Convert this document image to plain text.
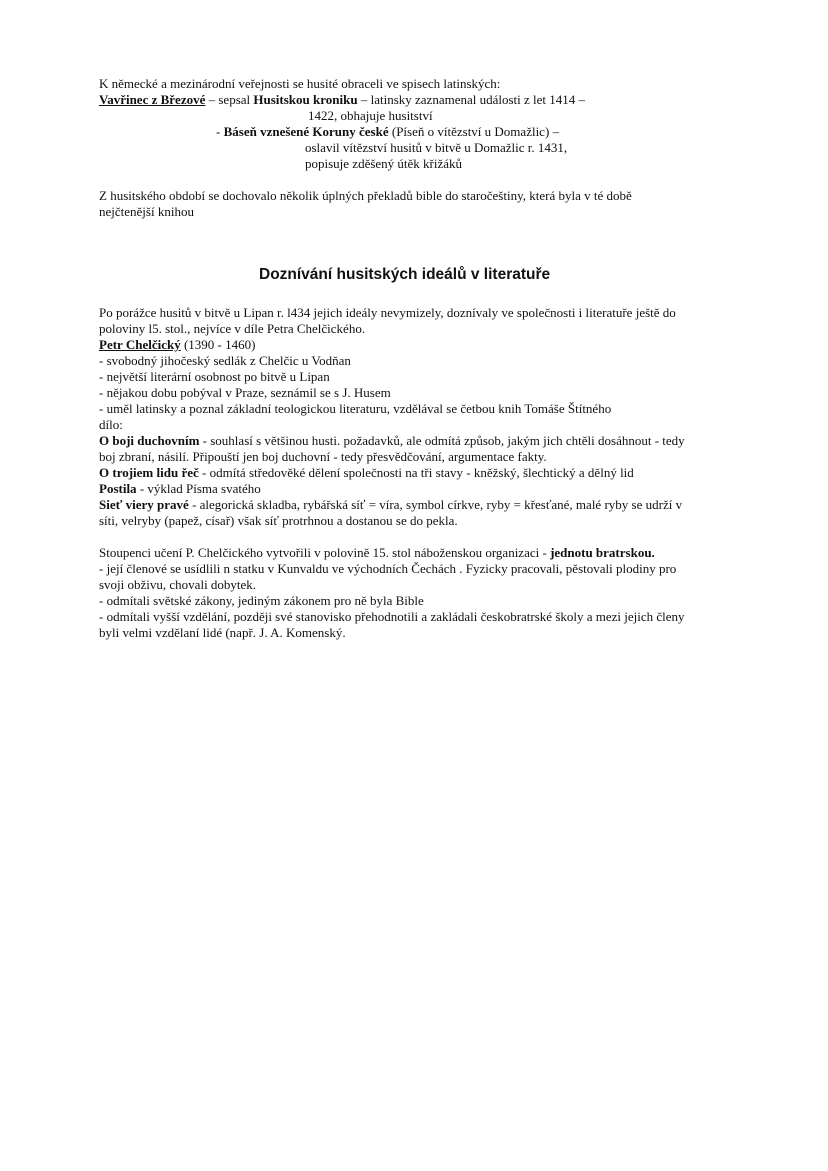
K německé a mezinárodní veřejnosti se husité obraceli ve spisech latinských:
Vavřinec z Březové – sepsal Husitskou kroniku – latinsky zaznamenal události z let 1414 –
1422, obhajuje husitství
- Báseň vznešené Koruny české (Píseň o vítězství u Domažlic) –
oslavil vítězství husitů v bitvě u Domažlic r. 1431,
popisuje zděšený útěk křižáků
Z husitského období se dochovalo několik úplných překladů bible do staročeštiny, která byla v té době
nejčtenější knihou
Doznívání husitských ideálů v literatuře
Po porážce husitů v bitvě u Lipan r. l434 jejich ideály nevymizely, doznívaly ve společnosti i literatuře ještě do
poloviny l5. stol., nejvíce v díle Petra Chelčického.
Petr Chelčický (1390 - 1460)
- svobodný jihočeský sedlák z Chelčic u Vodňan
- největší literární osobnost po bitvě u Lipan
- nějakou dobu pobýval v Praze, seznámil se s J. Husem
- uměl latinsky a poznal základní teologickou literaturu, vzdělával se četbou knih Tomáše Štítného
dílo:
O boji duchovním - souhlasí s většinou husti. požadavků, ale odmítá způsob, jakým jich chtěli dosáhnout - tedy
boj zbraní, násilí. Připouští jen boj duchovní - tedy přesvědčování, argumentace fakty.
O trojiem lidu řeč - odmítá středověké dělení společnosti na tři stavy - kněžský, šlechtický a dělný lid
Postila - výklad Písma svatého
Sieť viery pravé - alegorická skladba, rybářská síť = víra, symbol církve, ryby = křesťané, malé ryby se udrží v
síti, velryby (papež, císař) však síť protrhnou a dostanou se do pekla.
Stoupenci učení P. Chelčického vytvořili v polovině 15. stol náboženskou organizaci - jednotu bratrskou.
- její členové se usídlili n statku v Kunvaldu ve východních Čechách . Fyzicky pracovali, pěstovali plodiny pro
svoji obživu, chovali dobytek.
- odmítali světské zákony, jediným zákonem pro ně byla Bible
- odmítali vyšší vzdělání, později své stanovisko přehodnotili a zakládali českobratrské školy a mezi jejich členy
byli velmi vzdělaní lidé (např. J. A. Komenský.
